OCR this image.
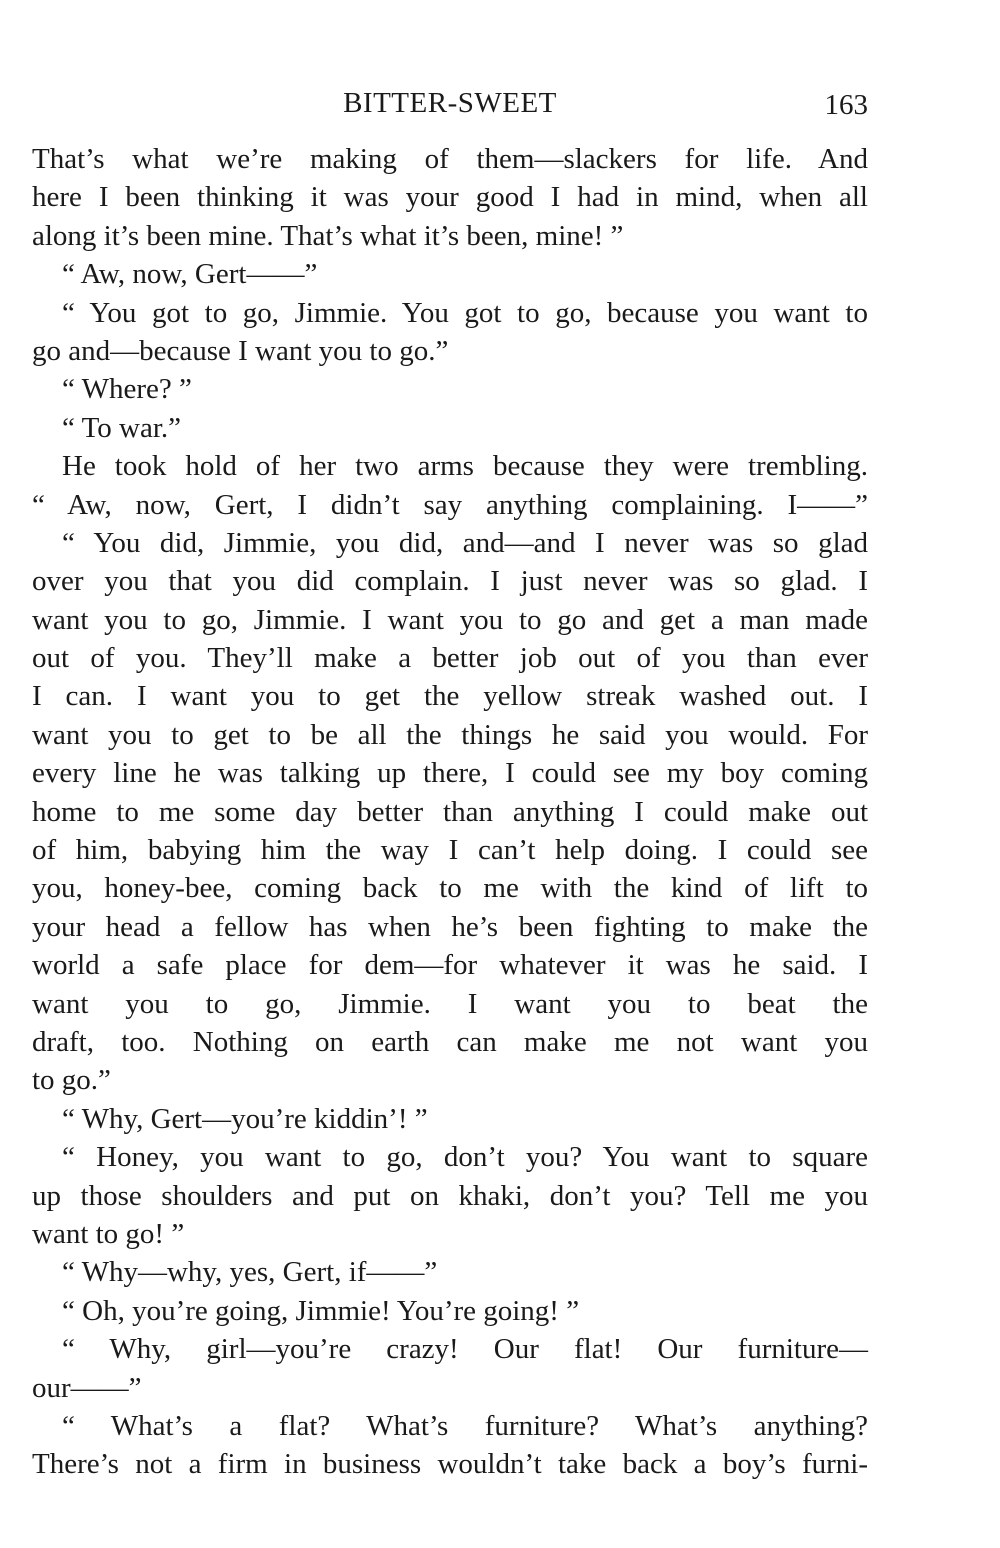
BITTER-SWEET	163
That’s what we’re making of them—slackers for life. And
here I been thinking it was your good I had in mind, when all
along it’s been mine. That’s what it’s been, mine! ”
“ Aw, now, Gert——”
“ You got to go, Jimmie. You got to go, because you want to
go and—because I want you to go.”
“ Where? ”
“ To war.”
He took hold of her two arms because they were trembling.
“ Aw, now, Gert, I didn’t say anything complaining. I——”
“ You did, Jimmie, you did, and—and I never was so glad
over you that you did complain. I just never was so glad. I
want you to go, Jimmie. I want you to go and get a man made
out of you. They’ll make a better job out of you than ever
I can. I want you to get the yellow streak washed out. I
want you to get to be all the things he said you would. For
every line he was talking up there, I could see my boy coming
home to me some day better than anything I could make out
of him, babying him the way I can’t help doing. I could see
you, honey-bee, coming back to me with the kind of lift to
your head a fellow has when he’s been fighting to make the
world a safe place for dem—for whatever it was he said. I
want you to go, Jimmie. I want you to beat the
draft, too. Nothing on earth can make me not want you
to go.”
“ Why, Gert—you’re kiddin’! ”
“ Honey, you want to go, don’t you? You want to square
up those shoulders and put on khaki, don’t you? Tell me you
want to go! ”
“ Why—why, yes, Gert, if——”
“ Oh, you’re going, Jimmie! You’re going! ”
“ Why, girl—you’re crazy! Our flat! Our furniture—
our——”
“ What’s a flat? What’s furniture? What’s anything?
There’s not a firm in business wouldn’t take back a boy’s furni-
